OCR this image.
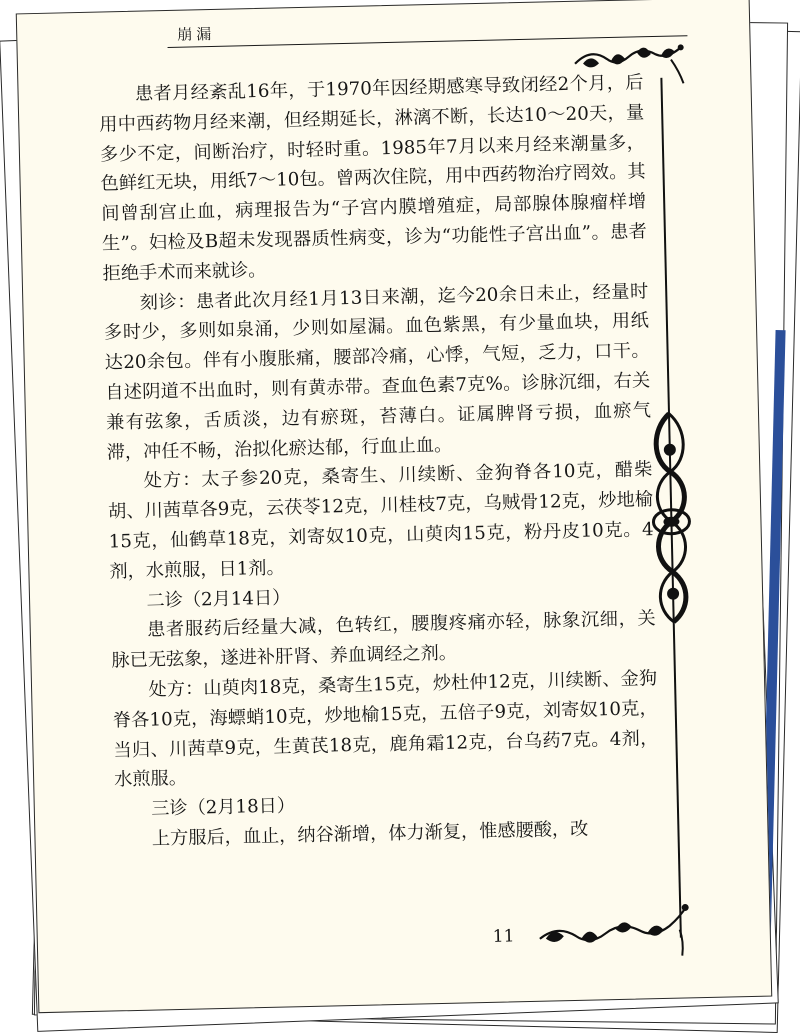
崩漏

患者月经紊乱16年，于1970年因经期感寒导致闭经2个月，后用中西药物月经来潮，但经期延长，淋漓不断，长达10～20天，量多少不定，间断治疗，时轻时重。1985年7月以来月经来潮量多，色鲜红无块，用纸7～10包。曾两次住院，用中西药物治疗罔效。其间曾刮宫止血，病理报告为“子宫内膜增殖症，局部腺体腺瘤样增生”。妇检及B超未发现器质性病变，诊为“功能性子宫出血”。患者拒绝手术而来就诊。

刻诊：患者此次月经1月13日来潮，迄今20余日未止，经量时多时少，多则如泉涌，少则如屋漏。血色紫黑，有少量血块，用纸达20余包。伴有小腹胀痛，腰部冷痛，心悸，气短，乏力，口干。自述阴道不出血时，则有黄赤带。查血色素7克%。诊脉沉细，右关兼有弦象，舌质淡，边有瘀斑，苔薄白。证属脾肾亏损，血瘀气滞，冲任不畅，治拟化瘀达郁，行血止血。

处方：太子参20克，桑寄生、川续断、金狗脊各10克，醋柴胡、川茜草各9克，云茯苓12克，川桂枝7克，乌贼骨12克，炒地榆15克，仙鹤草18克，刘寄奴10克，山萸肉15克，粉丹皮10克。4剂，水煎服，日1剂。

二诊（2月14日）

患者服药后经量大减，色转红，腰腹疼痛亦轻，脉象沉细，关脉已无弦象，遂进补肝肾、养血调经之剂。

处方：山萸肉18克，桑寄生15克，炒杜仲12克，川续断、金狗脊各10克，海螵蛸10克，炒地榆15克，五倍子9克，刘寄奴10克，当归、川茜草9克，生黄芪18克，鹿角霜12克，台乌药7克。4剂，水煎服。

三诊（2月18日）

上方服后，血止，纳谷渐增，体力渐复，惟感腰酸，改

11
